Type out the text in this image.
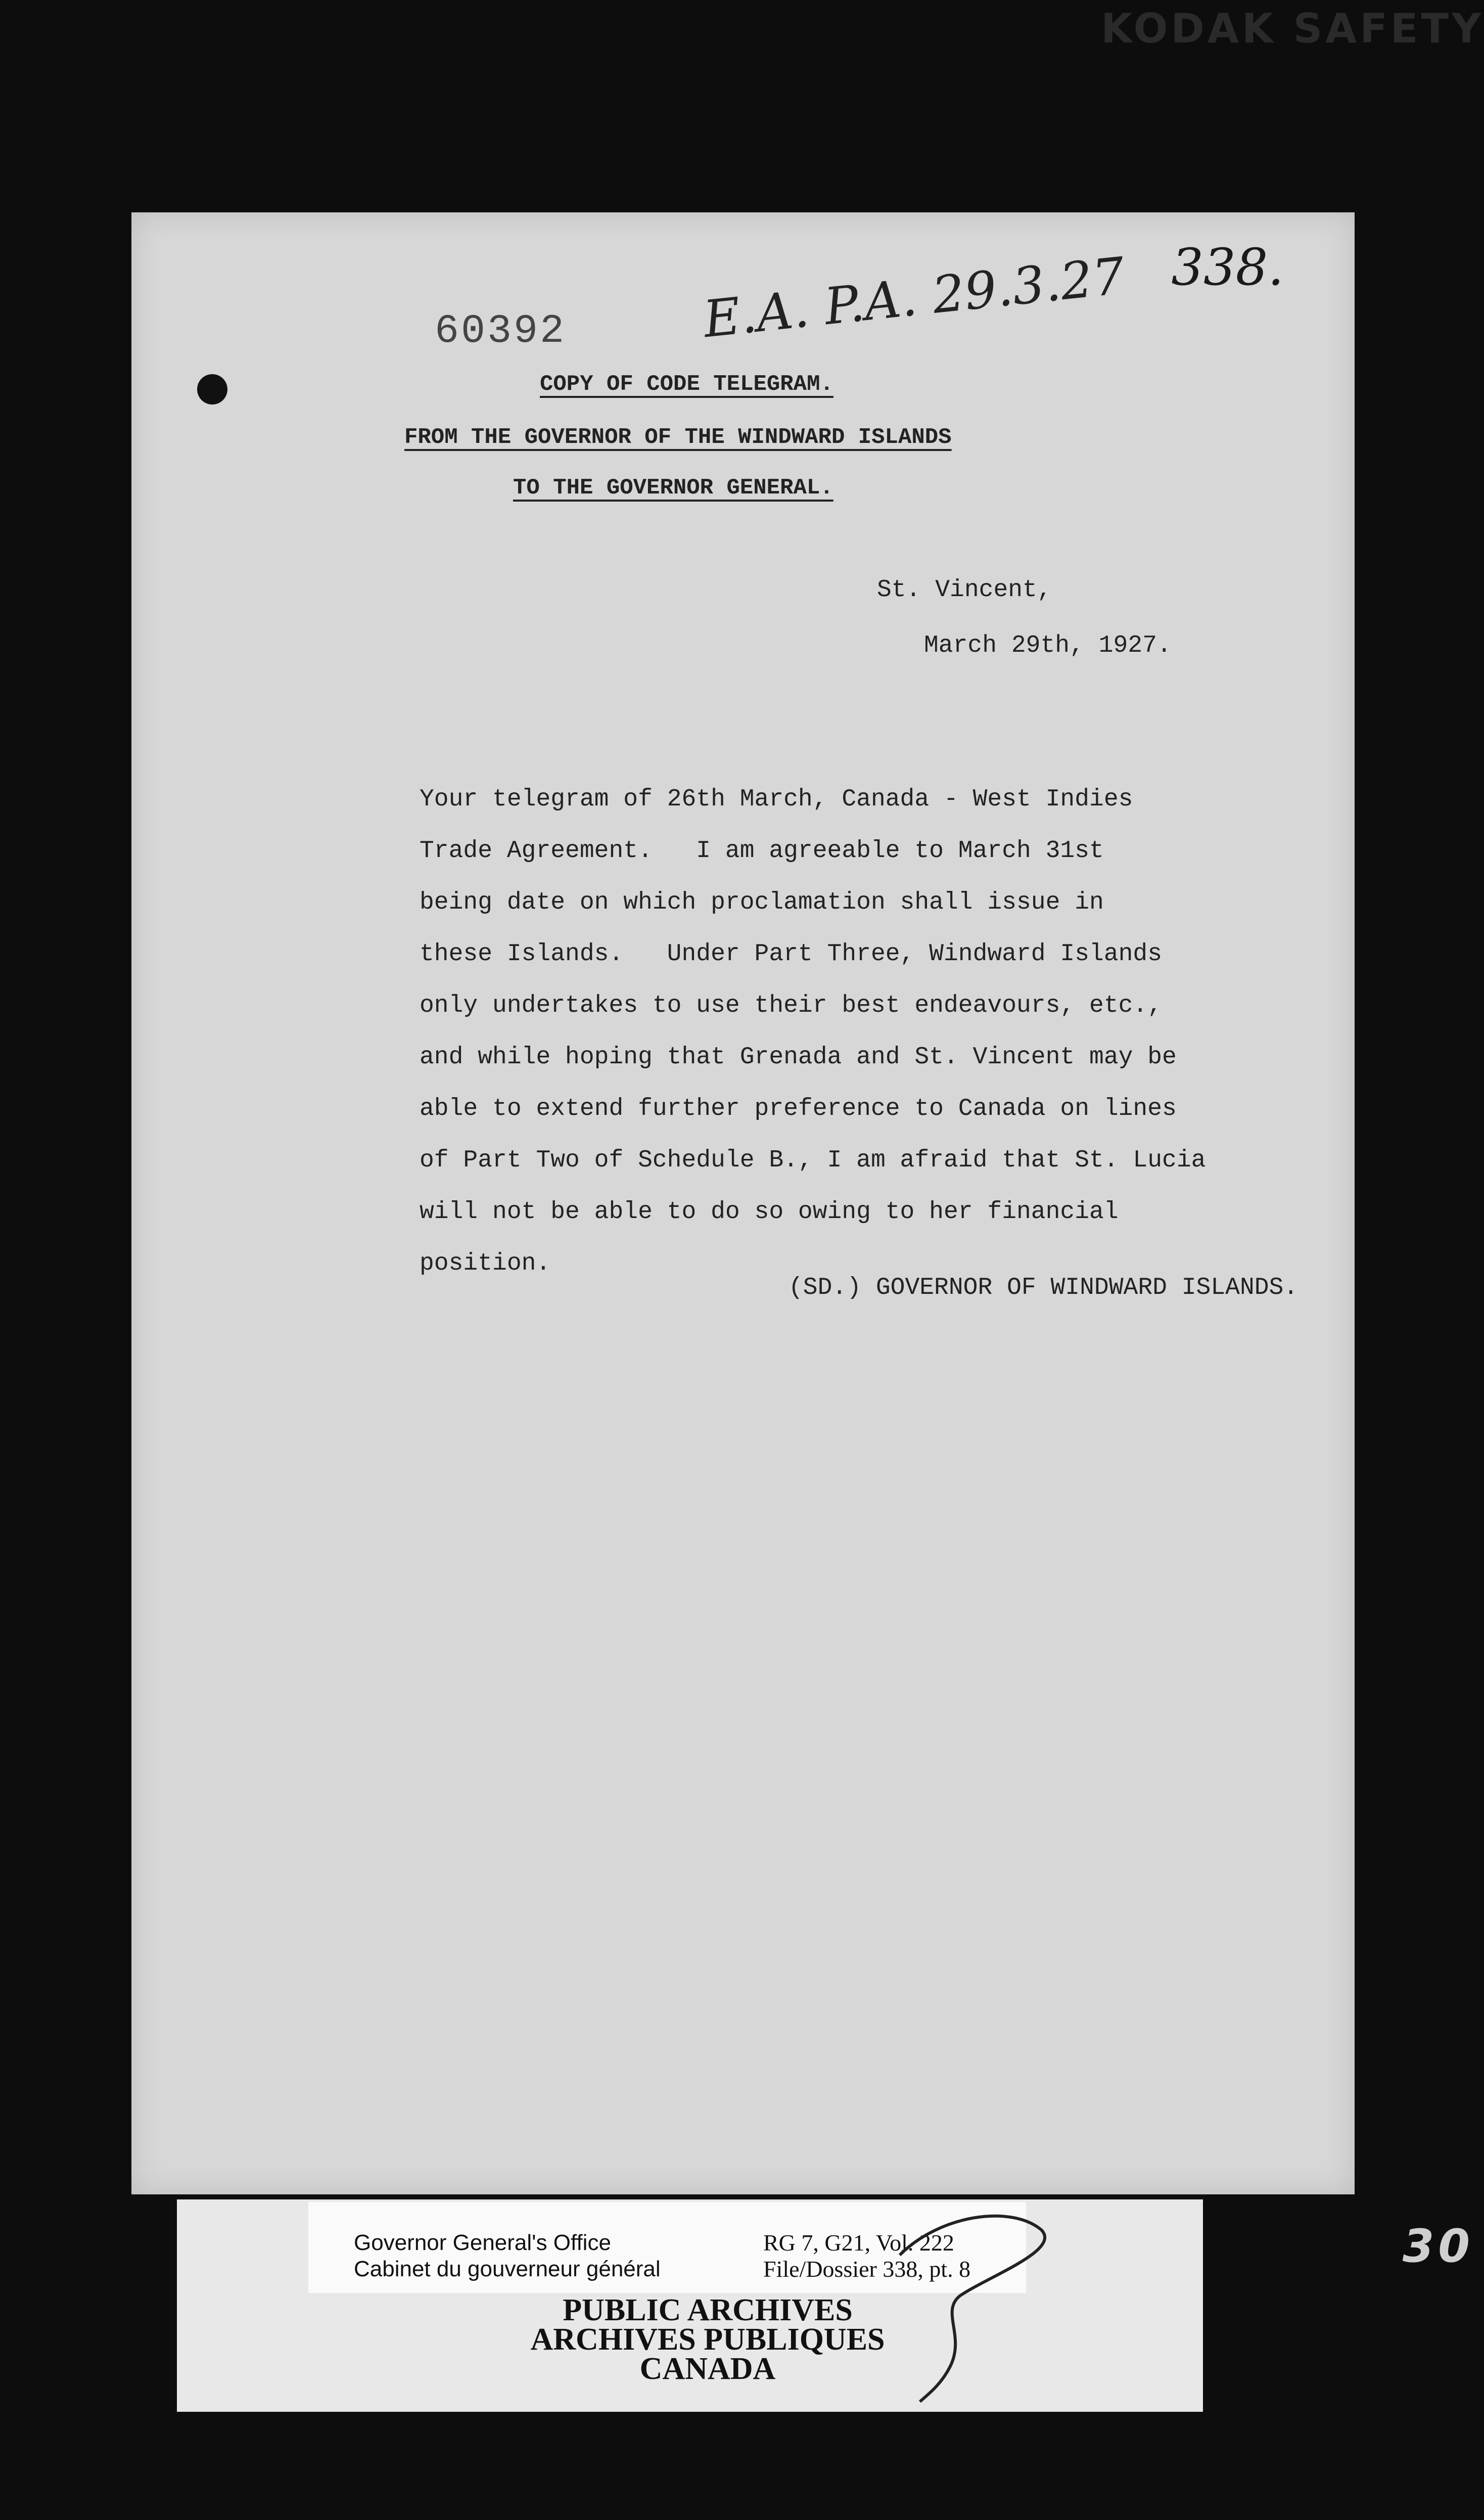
KODAK SAFETY
30
338.
60392	E.A. P.A. 29.3.27
COPY OF CODE TELEGRAM.
FROM THE GOVERNOR OF THE WINDWARD ISLANDS
TO THE GOVERNOR GENERAL.
St. Vincent,
March 29th, 1927.
Your telegram of 26th March, Canada - West Indies
Trade Agreement.   I am agreeable to March 31st
being date on which proclamation shall issue in
these Islands.   Under Part Three, Windward Islands
only undertakes to use their best endeavours, etc.,
and while hoping that Grenada and St. Vincent may be
able to extend further preference to Canada on lines
of Part Two of Schedule B., I am afraid that St. Lucia
will not be able to do so owing to her financial
position.
(SD.) GOVERNOR OF WINDWARD ISLANDS.
Governor General's Office
Cabinet du gouverneur général
RG 7, G21, Vol. 222
File/Dossier 338, pt. 8
PUBLIC ARCHIVES
ARCHIVES PUBLIQUES
CANADA
